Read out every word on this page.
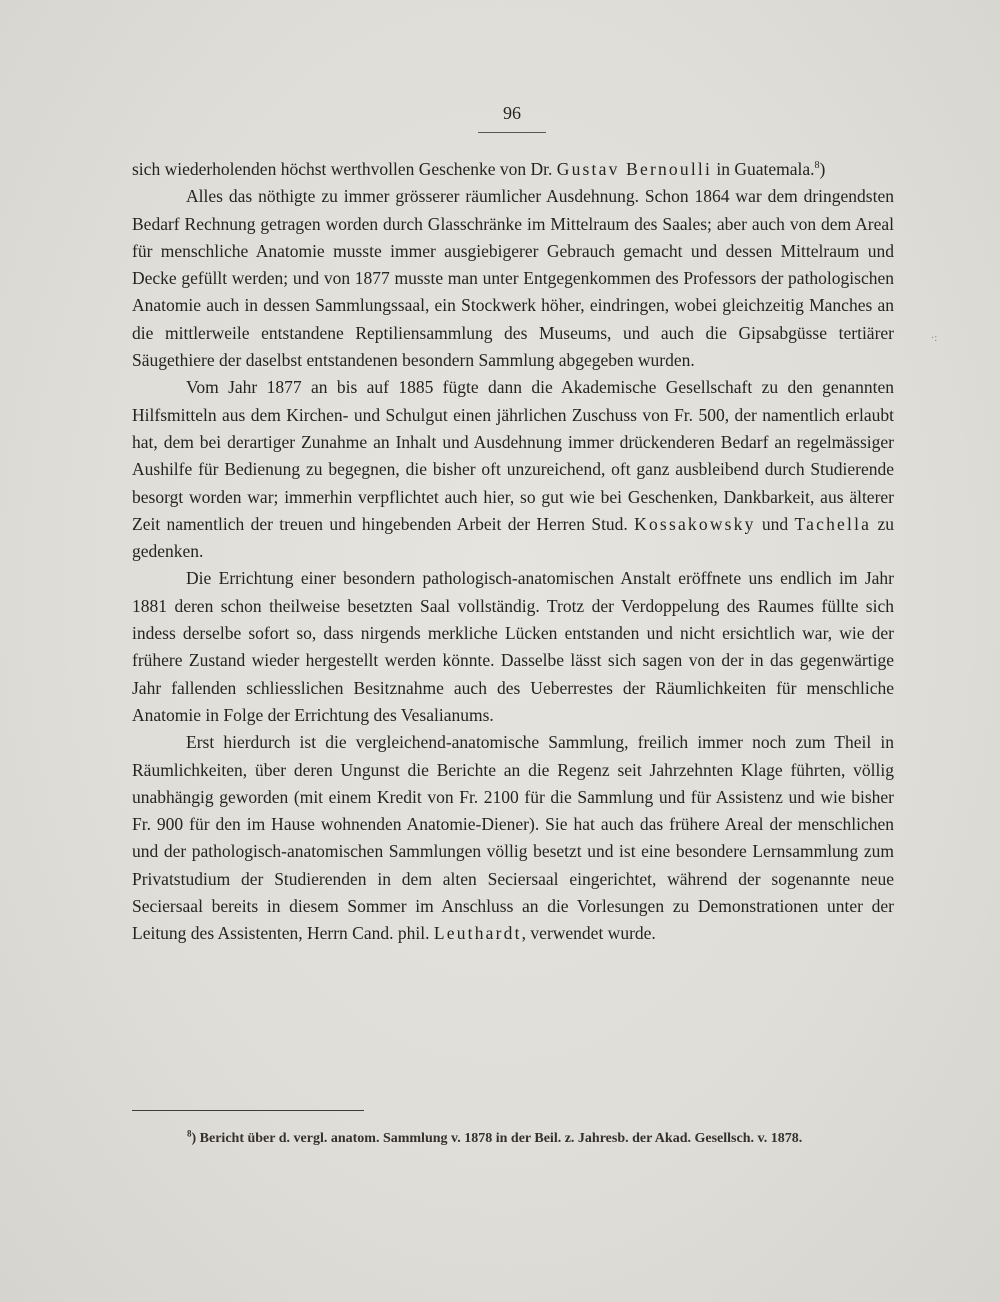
96

sich wiederholenden höchst werthvollen Geschenke von Dr. Gustav Bernoulli in Guatemala.$^8$)

Alles das nöthigte zu immer grösserer räumlicher Ausdehnung. Schon 1864 war dem dringendsten Bedarf Rechnung getragen worden durch Glasschränke im Mittelraum des Saales; aber auch von dem Areal für menschliche Anatomie musste immer ausgiebigerer Gebrauch gemacht und dessen Mittelraum und Decke gefüllt werden; und von 1877 musste man unter Entgegenkommen des Professors der pathologischen Anatomie auch in dessen Sammlungssaal, ein Stockwerk höher, eindringen, wobei gleichzeitig Manches an die mittlerweile entstandene Reptiliensammlung des Museums, und auch die Gipsabgüsse tertiärer Säugethiere der daselbst entstandenen besondern Sammlung abgegeben wurden.

Vom Jahr 1877 an bis auf 1885 fügte dann die Akademische Gesellschaft zu den genannten Hilfsmitteln aus dem Kirchen- und Schulgut einen jährlichen Zuschuss von Fr. 500, der namentlich erlaubt hat, dem bei derartiger Zunahme an Inhalt und Ausdehnung immer drückenderen Bedarf an regelmässiger Aushilfe für Bedienung zu begegnen, die bisher oft unzureichend, oft ganz ausbleibend durch Studierende besorgt worden war; immerhin verpflichtet auch hier, so gut wie bei Geschenken, Dankbarkeit, aus älterer Zeit namentlich der treuen und hingebenden Arbeit der Herren Stud. Kossakowsky und Tachella zu gedenken.

Die Errichtung einer besondern pathologisch-anatomischen Anstalt eröffnete uns endlich im Jahr 1881 deren schon theilweise besetzten Saal vollständig. Trotz der Verdoppelung des Raumes füllte sich indess derselbe sofort so, dass nirgends merkliche Lücken entstanden und nicht ersichtlich war, wie der frühere Zustand wieder hergestellt werden könnte. Dasselbe lässt sich sagen von der in das gegenwärtige Jahr fallenden schliesslichen Besitznahme auch des Ueberrestes der Räumlichkeiten für menschliche Anatomie in Folge der Errichtung des Vesalianums.

Erst hierdurch ist die vergleichend-anatomische Sammlung, freilich immer noch zum Theil in Räumlichkeiten, über deren Ungunst die Berichte an die Regenz seit Jahrzehnten Klage führten, völlig unabhängig geworden (mit einem Kredit von Fr. 2100 für die Sammlung und für Assistenz und wie bisher Fr. 900 für den im Hause wohnenden Anatomie-Diener). Sie hat auch das frühere Areal der menschlichen und der pathologisch-anatomischen Sammlungen völlig besetzt und ist eine besondere Lernsammlung zum Privatstudium der Studierenden in dem alten Seciersaal eingerichtet, während der sogenannte neue Seciersaal bereits in diesem Sommer im Anschluss an die Vorlesungen zu Demonstrationen unter der Leitung des Assistenten, Herrn Cand. phil. Leuthardt, verwendet wurde.

$^8$) Bericht über d. vergl. anatom. Sammlung v. 1878 in der Beil. z. Jahresb. der Akad. Gesellsch. v. 1878.
·:
